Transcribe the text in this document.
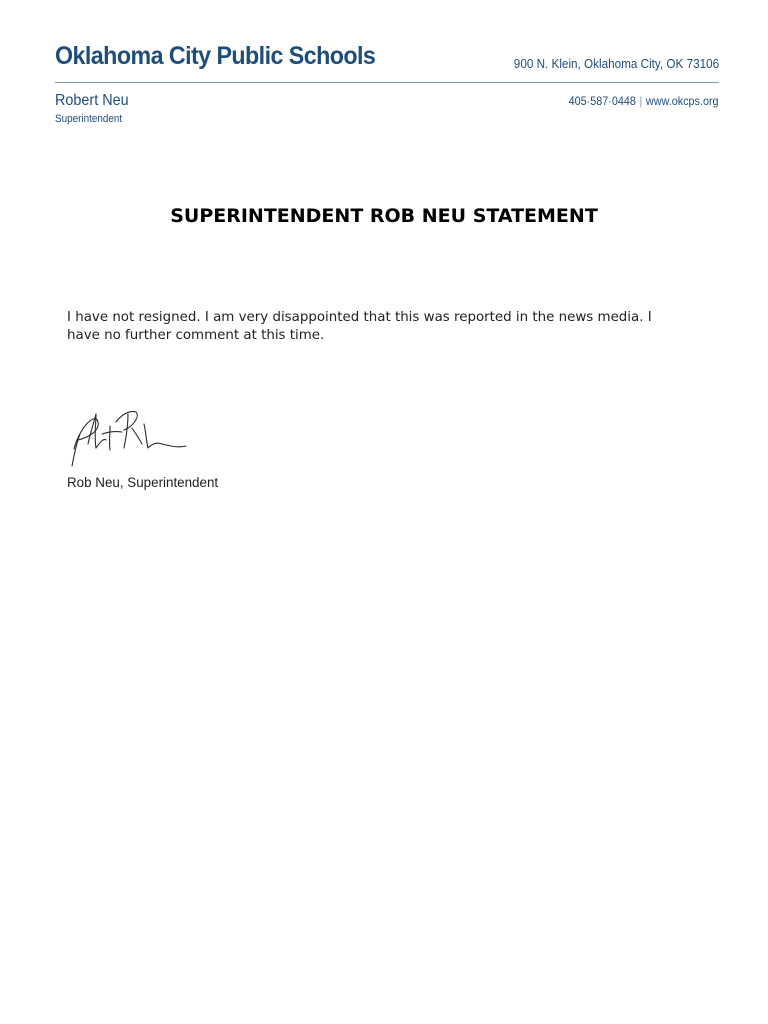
Oklahoma City Public Schools	900 N. Klein, Oklahoma City, OK 73106
Robert Neu
Superintendent
405·587·0448 | www.okcps.org
SUPERINTENDENT ROB NEU STATEMENT
I have not resigned. I am very disappointed that this was reported in the news media. I have no further comment at this time.
Rob Neu, Superintendent
